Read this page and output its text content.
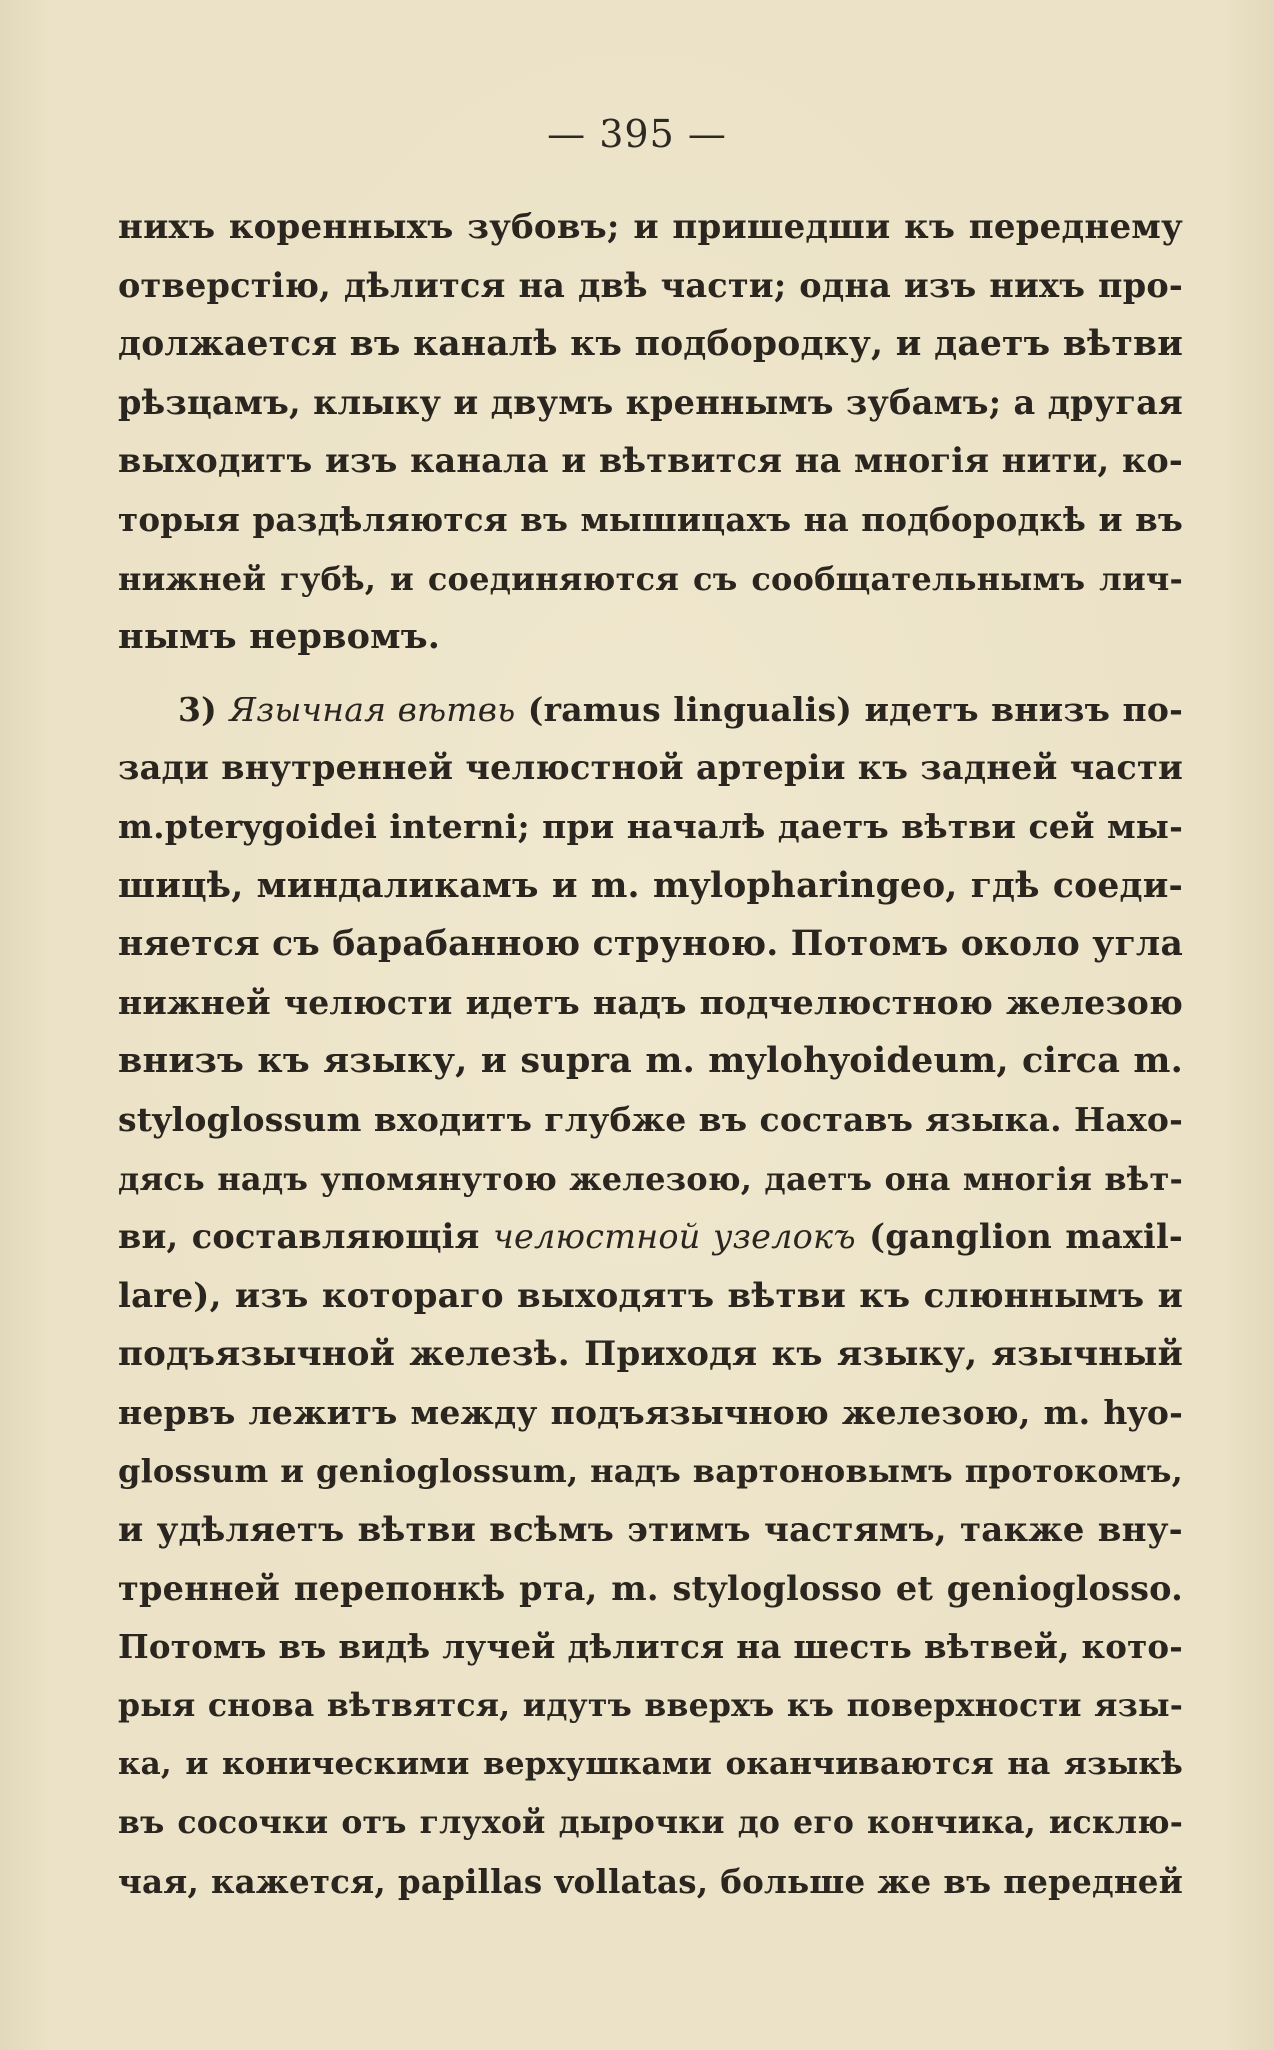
— 395 —
нихъ коренныхъ зубовъ; и пришедши къ переднему
отверстію, дѣлится на двѣ части; одна изъ нихъ про-
должается въ каналѣ къ подбородку, и даетъ вѣтви
рѣзцамъ, клыку и двумъ креннымъ зубамъ; а другая
выходитъ изъ канала и вѣтвится на многія нити, ко-
торыя раздѣляются въ мышицахъ на подбородкѣ и въ
нижней губѣ, и соединяются съ сообщательнымъ лич-
нымъ нервомъ.
3) Язычная вѣтвь (ramus lingualis) идетъ внизъ по-
зади внутренней челюстной артеріи къ задней части
m.pterygoidei interni; при началѣ даетъ вѣтви сей мы-
шицѣ, миндаликамъ и m. mylopharingeo, гдѣ соеди-
няется съ барабанною струною. Потомъ около угла
нижней челюсти идетъ надъ подчелюстною железою
внизъ къ языку, и supra m. mylohyoideum, circa m.
styloglossum входитъ глубже въ составъ языка. Нахо-
дясь надъ упомянутою железою, даетъ она многія вѣт-
ви, составляющія челюстной узелокъ (ganglion maxil-
lare), изъ котораго выходятъ вѣтви къ слюннымъ и
подъязычной железѣ. Приходя къ языку, язычный
нервъ лежитъ между подъязычною железою, m. hyo-
glossum и genioglossum, надъ вартоновымъ протокомъ,
и удѣляетъ вѣтви всѣмъ этимъ частямъ, также вну-
тренней перепонкѣ рта, m. styloglosso et genioglosso.
Потомъ въ видѣ лучей дѣлится на шесть вѣтвей, кото-
рыя снова вѣтвятся, идутъ вверхъ къ поверхности язы-
ка, и коническими верхушками оканчиваются на языкѣ
въ сосочки отъ глухой дырочки до его кончика, исклю-
чая, кажется, papillas vollatas, больше же въ передней
